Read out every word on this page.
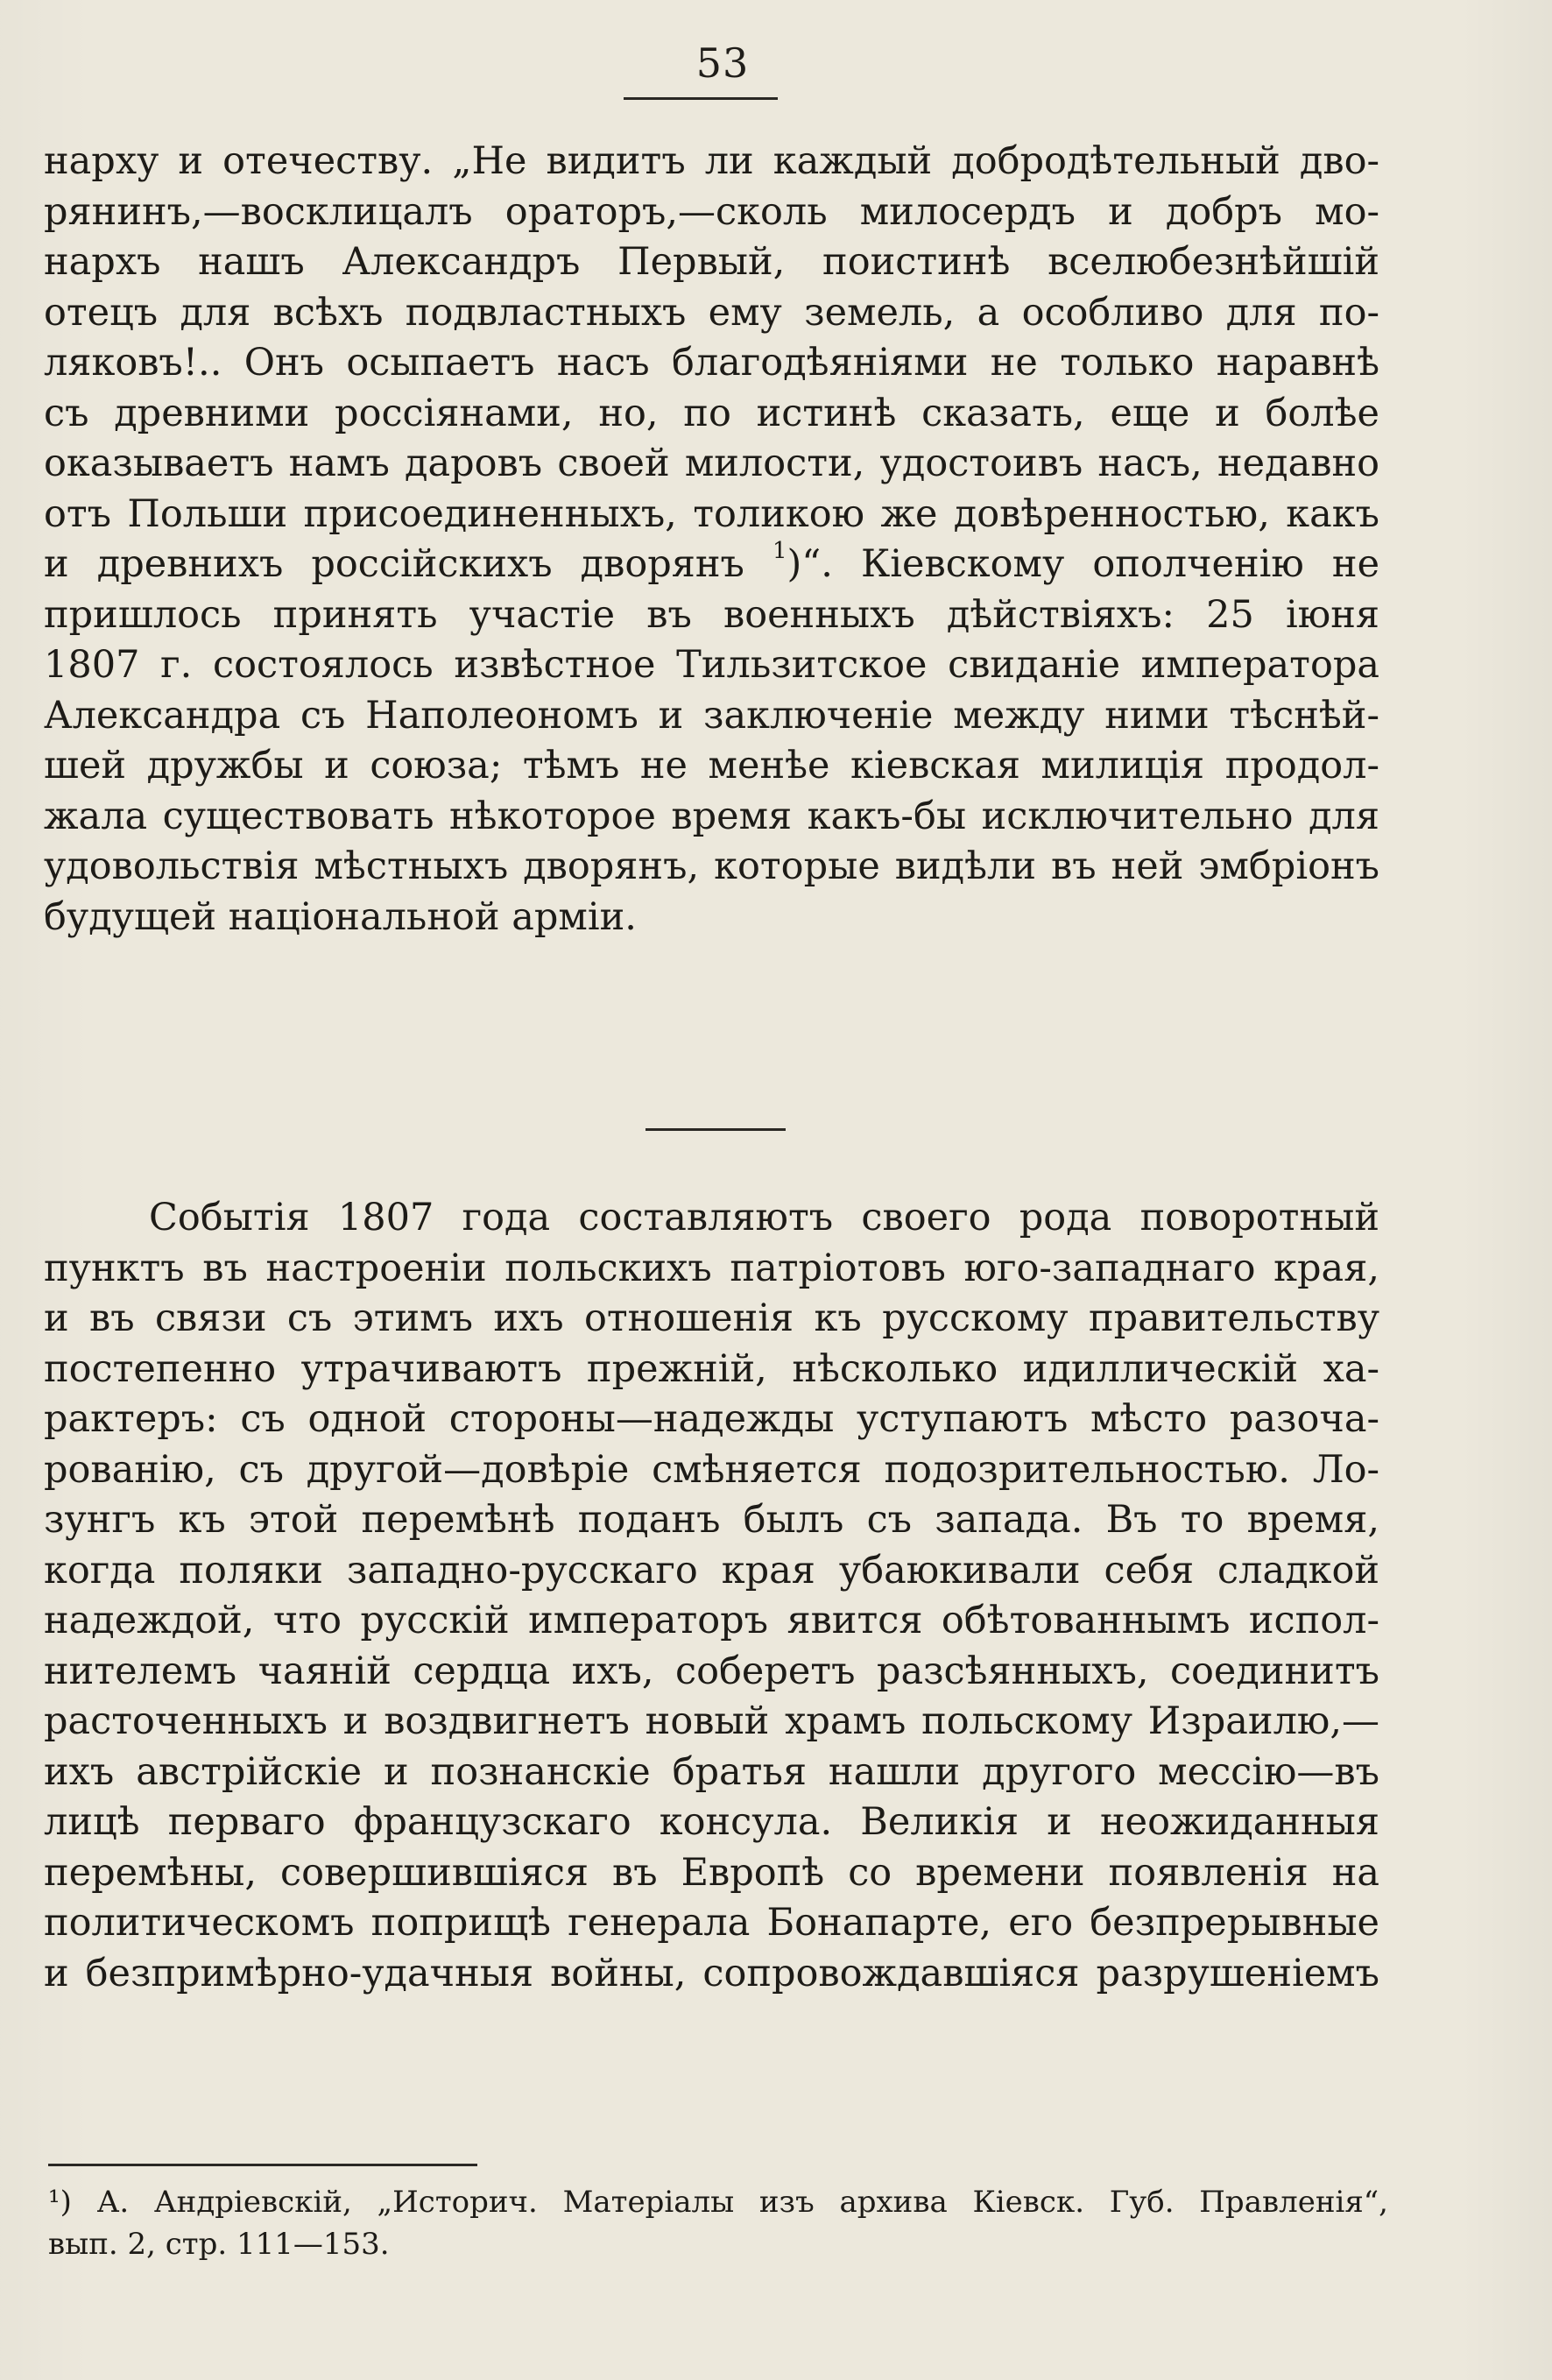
53
нарху и отечеству. „Не видитъ ли каждый добродѣтельный дво-
рянинъ,—восклицалъ ораторъ,—сколь милосердъ и добръ мо-
нархъ нашъ Александръ Первый, поистинѣ вселюбезнѣйшій
отецъ для всѣхъ подвластныхъ ему земель, а особливо для по-
ляковъ!.. Онъ осыпаетъ насъ благодѣяніями не только наравнѣ
съ древними россіянами, но, по истинѣ сказать, еще и болѣе
оказываетъ намъ даровъ своей милости, удостоивъ насъ, недавно
отъ Польши присоединенныхъ, толикою же довѣренностью, какъ
и древнихъ россійскихъ дворянъ $^1$)“. Кіевскому ополченію не
пришлось принять участіе въ военныхъ дѣйствіяхъ: 25 іюня
1807 г. состоялось извѣстное Тильзитское свиданіе императора
Александра съ Наполеономъ и заключеніе между ними тѣснѣй-
шей дружбы и союза; тѣмъ не менѣе кіевская милиція продол-
жала существовать нѣкоторое время какъ-бы исключительно для
удовольствія мѣстныхъ дворянъ, которые видѣли въ ней эмбріонъ
будущей національной арміи.
Событія 1807 года составляютъ своего рода поворотный
пунктъ въ настроеніи польскихъ патріотовъ юго-западнаго края,
и въ связи съ этимъ ихъ отношенія къ русскому правительству
постепенно утрачиваютъ прежній, нѣсколько идиллическій ха-
рактеръ: съ одной стороны—надежды уступаютъ мѣсто разоча-
рованію, съ другой—довѣріе смѣняется подозрительностью. Ло-
зунгъ къ этой перемѣнѣ поданъ былъ съ запада. Въ то время,
когда поляки западно-русскаго края убаюкивали себя сладкой
надеждой, что русскій императоръ явится обѣтованнымъ испол-
нителемъ чаяній сердца ихъ, соберетъ разсѣянныхъ, соединитъ
расточенныхъ и воздвигнетъ новый храмъ польскому Израилю,—
ихъ австрійскіе и познанскіе братья нашли другого мессію—въ
лицѣ перваго французскаго консула. Великія и неожиданныя
перемѣны, совершившіяся въ Европѣ со времени появленія на
политическомъ поприщѣ генерала Бонапарте, его безпрерывные
и безпримѣрно-удачныя войны, сопровождавшіяся разрушеніемъ
¹) А. Андріевскій, „Историч. Матеріалы изъ архива Кіевск. Губ. Правленія“,
вып. 2, стр. 111—153.
